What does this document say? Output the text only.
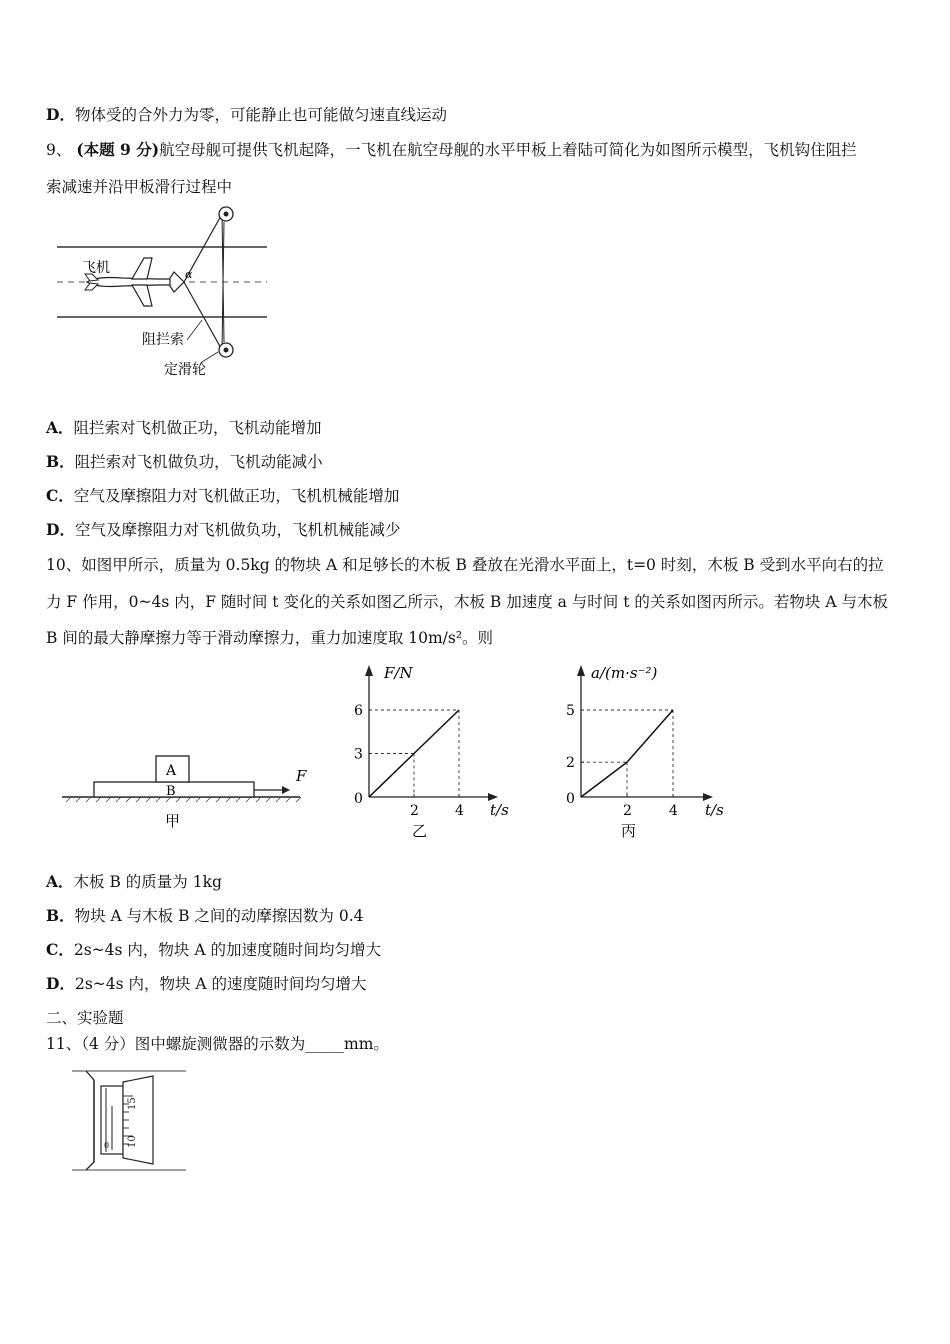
D．物体受的合外力为零，可能静止也可能做匀速直线运动
9、 (本题 9 分)航空母舰可提供飞机起降，一飞机在航空母舰的水平甲板上着陆可简化为如图所示模型，飞机钩住阻拦
索减速并沿甲板滑行过程中
飞机	α
阻拦索
定滑轮
A．阻拦索对飞机做正功，飞机动能增加
B．阻拦索对飞机做负功，飞机动能减小
C．空气及摩擦阻力对飞机做正功，飞机机械能增加
D．空气及摩擦阻力对飞机做负功，飞机机械能减少
10、如图甲所示，质量为 0.5kg 的物块 A 和足够长的木板 B 叠放在光滑水平面上，t=0 时刻，木板 B 受到水平向右的拉
力 F 作用，0~4s 内，F 随时间 t 变化的关系如图乙所示，木板 B 加速度 a 与时间 t 的关系如图丙所示。若物块 A 与木板
B 间的最大静摩擦力等于滑动摩擦力，重力加速度取 10m/s²。则
A
B
F
甲
F/N
t/s
0
乙
2	4
3
6
a/(m·s⁻²)
t/s
0
丙
2	4
2
5
A．木板 B 的质量为 1kg
B．物块 A 与木板 B 之间的动摩擦因数为 0.4
C．2s~4s 内，物块 A 的加速度随时间均匀增大
D．2s~4s 内，物块 A 的速度随时间均匀增大
二、实验题
11、（4 分）图中螺旋测微器的示数为_____mm。
15
10
0
